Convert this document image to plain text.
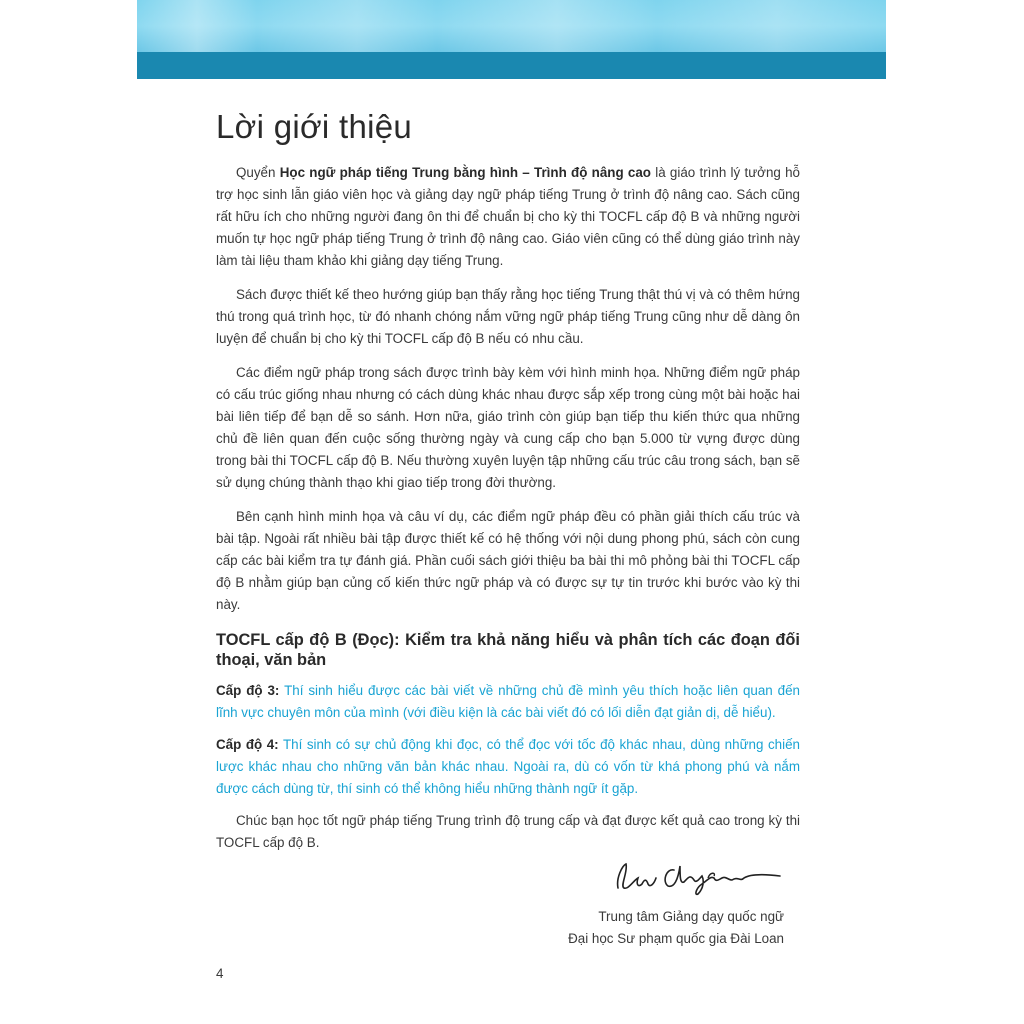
Lời giới thiệu

Quyển Học ngữ pháp tiếng Trung bằng hình – Trình độ nâng cao là giáo trình lý tưởng hỗ trợ học sinh lẫn giáo viên học và giảng dạy ngữ pháp tiếng Trung ở trình độ nâng cao. Sách cũng rất hữu ích cho những người đang ôn thi để chuẩn bị cho kỳ thi TOCFL cấp độ B và những người muốn tự học ngữ pháp tiếng Trung ở trình độ nâng cao. Giáo viên cũng có thể dùng giáo trình này làm tài liệu tham khảo khi giảng dạy tiếng Trung.

Sách được thiết kế theo hướng giúp bạn thấy rằng học tiếng Trung thật thú vị và có thêm hứng thú trong quá trình học, từ đó nhanh chóng nắm vững ngữ pháp tiếng Trung cũng như dễ dàng ôn luyện để chuẩn bị cho kỳ thi TOCFL cấp độ B nếu có nhu cầu.

Các điểm ngữ pháp trong sách được trình bày kèm với hình minh họa. Những điểm ngữ pháp có cấu trúc giống nhau nhưng có cách dùng khác nhau được sắp xếp trong cùng một bài hoặc hai bài liên tiếp để bạn dễ so sánh. Hơn nữa, giáo trình còn giúp bạn tiếp thu kiến thức qua những chủ đề liên quan đến cuộc sống thường ngày và cung cấp cho bạn 5.000 từ vựng được dùng trong bài thi TOCFL cấp độ B. Nếu thường xuyên luyện tập những cấu trúc câu trong sách, bạn sẽ sử dụng chúng thành thạo khi giao tiếp trong đời thường.

Bên cạnh hình minh họa và câu ví dụ, các điểm ngữ pháp đều có phần giải thích cấu trúc và bài tập. Ngoài rất nhiều bài tập được thiết kế có hệ thống với nội dung phong phú, sách còn cung cấp các bài kiểm tra tự đánh giá. Phần cuối sách giới thiệu ba bài thi mô phỏng bài thi TOCFL cấp độ B nhằm giúp bạn củng cố kiến thức ngữ pháp và có được sự tự tin trước khi bước vào kỳ thi này.

TOCFL cấp độ B (Đọc): Kiểm tra khả năng hiểu và phân tích các đoạn đối thoại, văn bản
Cấp độ 3: Thí sinh hiểu được các bài viết về những chủ đề mình yêu thích hoặc liên quan đến lĩnh vực chuyên môn của mình (với điều kiện là các bài viết đó có lối diễn đạt giản dị, dễ hiểu).
Cấp độ 4: Thí sinh có sự chủ động khi đọc, có thể đọc với tốc độ khác nhau, dùng những chiến lược khác nhau cho những văn bản khác nhau. Ngoài ra, dù có vốn từ khá phong phú và nắm được cách dùng từ, thí sinh có thể không hiểu những thành ngữ ít gặp.

Chúc bạn học tốt ngữ pháp tiếng Trung trình độ trung cấp và đạt được kết quả cao trong kỳ thi TOCFL cấp độ B.

Trung tâm Giảng dạy quốc ngữ
Đại học Sư phạm quốc gia Đài Loan
4
